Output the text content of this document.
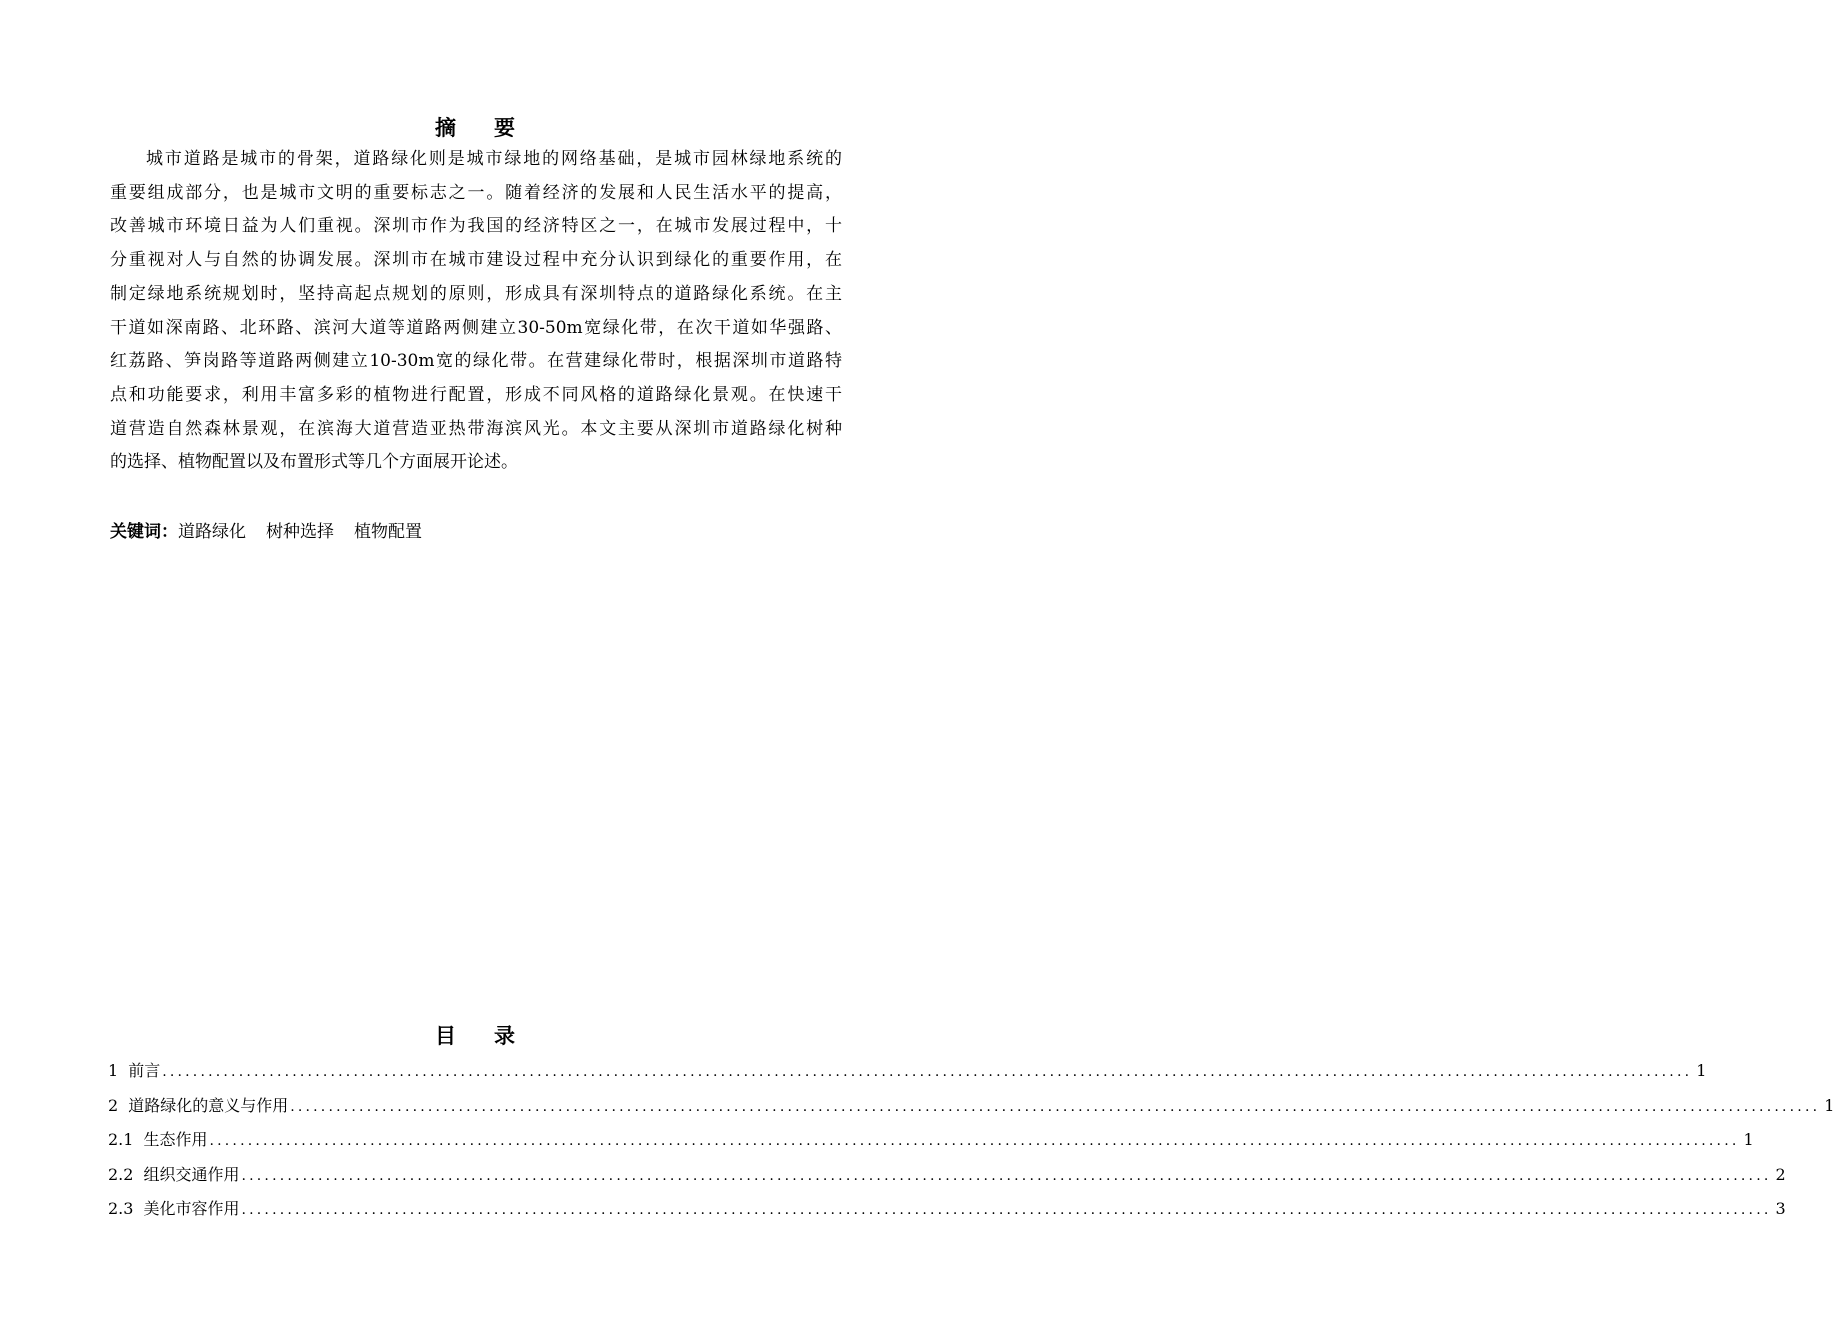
摘要
城市道路是城市的骨架，道路绿化则是城市绿地的网络基础，是城市园林绿地系统的
重要组成部分，也是城市文明的重要标志之一。随着经济的发展和人民生活水平的提高，
改善城市环境日益为人们重视。深圳市作为我国的经济特区之一，在城市发展过程中，十
分重视对人与自然的协调发展。深圳市在城市建设过程中充分认识到绿化的重要作用，在
制定绿地系统规划时，坚持高起点规划的原则，形成具有深圳特点的道路绿化系统。在主
干道如深南路、北环路、滨河大道等道路两侧建立30-50m宽绿化带，在次干道如华强路、
红荔路、笋岗路等道路两侧建立10-30m宽的绿化带。在营建绿化带时，根据深圳市道路特
点和功能要求，利用丰富多彩的植物进行配置，形成不同风格的道路绿化景观。在快速干
道营造自然森林景观，在滨海大道营造亚热带海滨风光。本文主要从深圳市道路绿化树种
的选择、植物配置以及布置形式等几个方面展开论述。
关键词：道路绿化 树种选择 植物配置
目录
1 前言 ........................................................................................................................................................................................................ 1
2 道路绿化的意义与作用 ........................................................................................................................................................................................................ 1
2.1 生态作用 ........................................................................................................................................................................................................ 1
2.2 组织交通作用 ........................................................................................................................................................................................................ 2
2.3 美化市容作用 ........................................................................................................................................................................................................ 3
